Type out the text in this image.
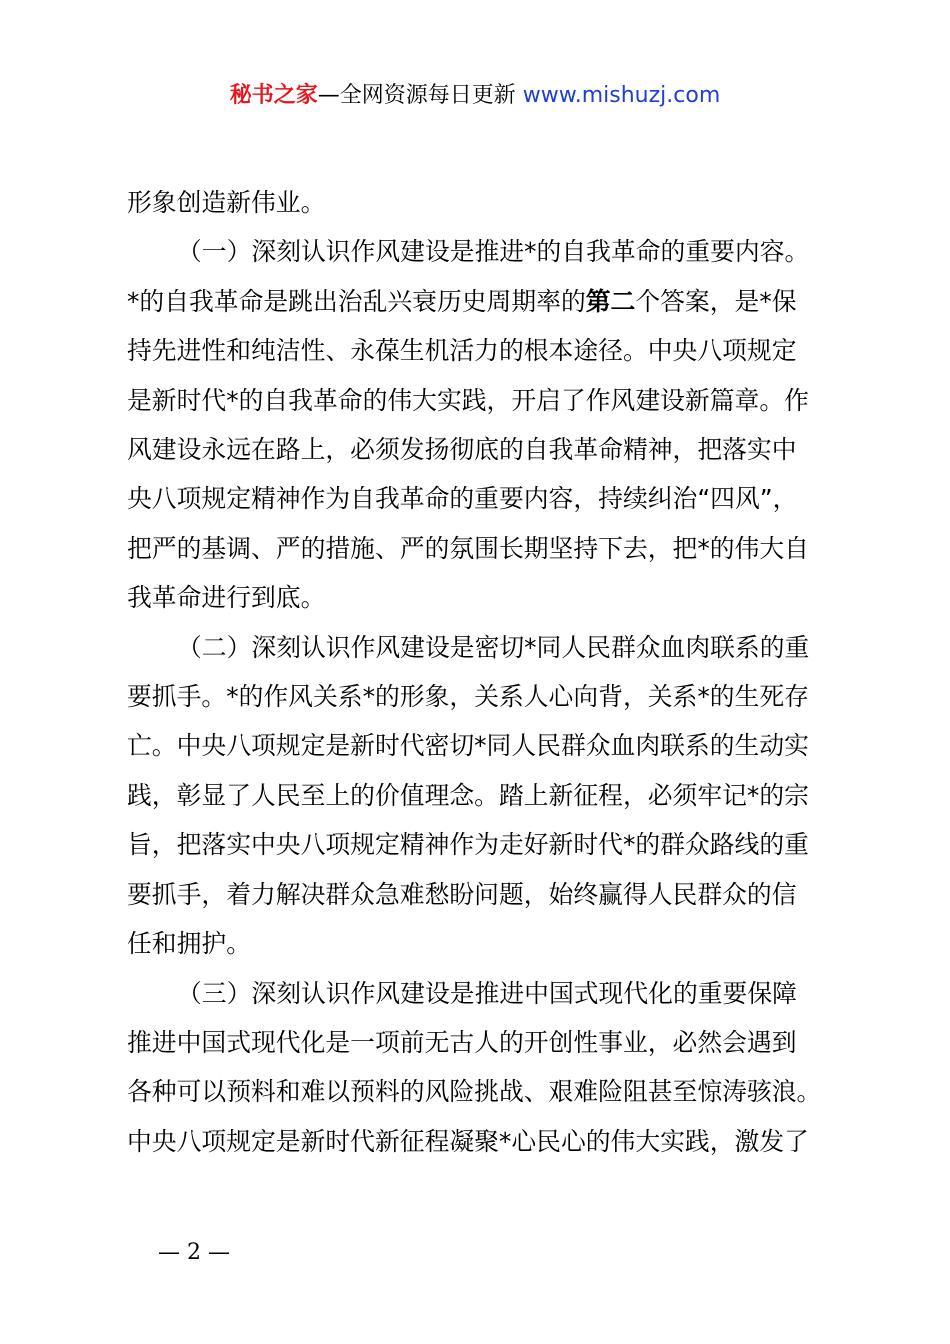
秘书之家—全网资源每日更新 www.mishuzj.com
形象创造新伟业。
（一）深刻认识作风建设是推进*的自我革命的重要内容。
*的自我革命是跳出治乱兴衰历史周期率的第二个答案，是*保
持先进性和纯洁性、永葆生机活力的根本途径。中央八项规定
是新时代*的自我革命的伟大实践，开启了作风建设新篇章。作
风建设永远在路上，必须发扬彻底的自我革命精神，把落实中
央八项规定精神作为自我革命的重要内容，持续纠治“四风”，
把严的基调、严的措施、严的氛围长期坚持下去，把*的伟大自
我革命进行到底。
（二）深刻认识作风建设是密切*同人民群众血肉联系的重
要抓手。*的作风关系*的形象，关系人心向背，关系*的生死存
亡。中央八项规定是新时代密切*同人民群众血肉联系的生动实
践，彰显了人民至上的价值理念。踏上新征程，必须牢记*的宗
旨，把落实中央八项规定精神作为走好新时代*的群众路线的重
要抓手，着力解决群众急难愁盼问题，始终赢得人民群众的信
任和拥护。
（三）深刻认识作风建设是推进中国式现代化的重要保障
推进中国式现代化是一项前无古人的开创性事业，必然会遇到
各种可以预料和难以预料的风险挑战、艰难险阻甚至惊涛骇浪。
中央八项规定是新时代新征程凝聚*心民心的伟大实践，激发了
— 2 —
